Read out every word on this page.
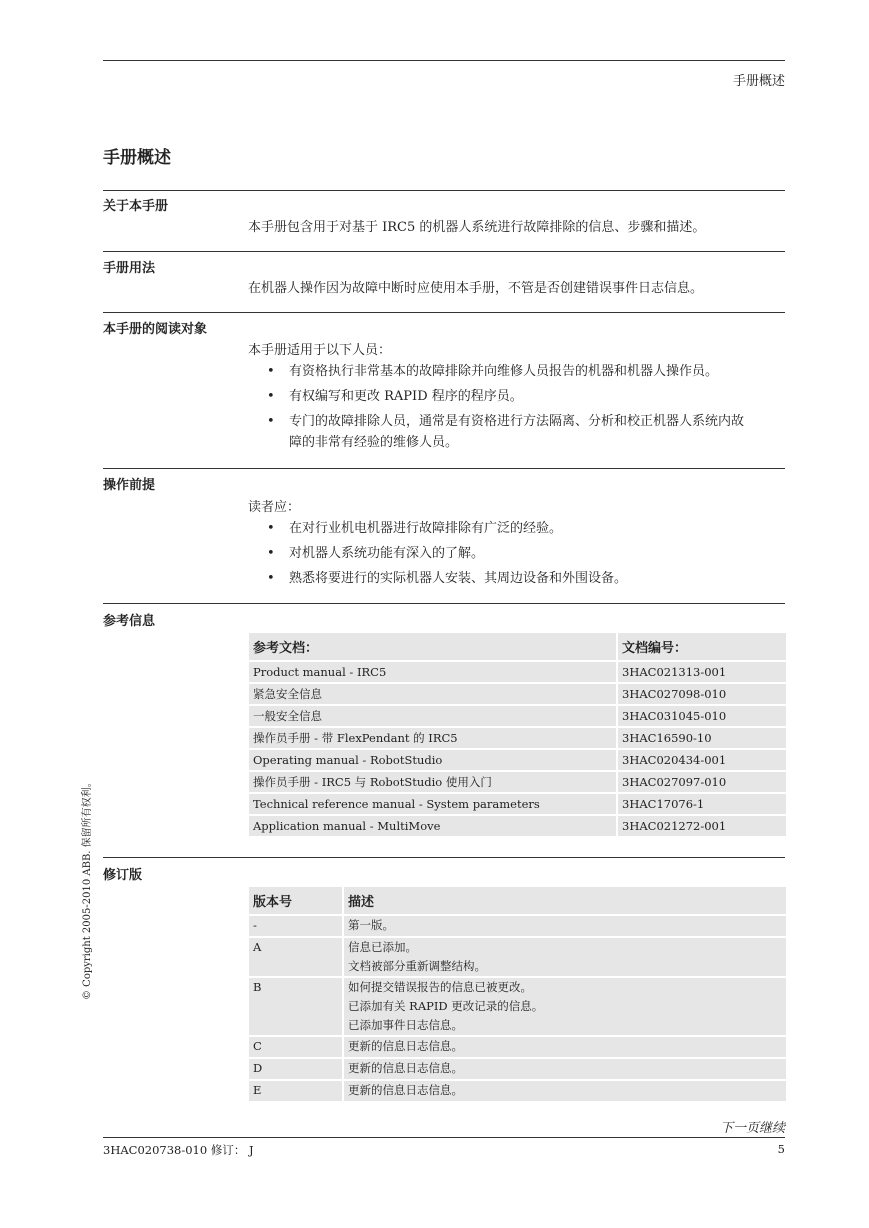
手册概述
手册概述
关于本手册
本手册包含用于对基于 IRC5 的机器人系统进行故障排除的信息、步骤和描述。
手册用法
在机器人操作因为故障中断时应使用本手册，不管是否创建错误事件日志信息。
本手册的阅读对象
本手册适用于以下人员：
• 有资格执行非常基本的故障排除并向维修人员报告的机器和机器人操作员。
• 有权编写和更改 RAPID 程序的程序员。
• 专门的故障排除人员，通常是有资格进行方法隔离、分析和校正机器人系统内故障的非常有经验的维修人员。
操作前提
读者应：
• 在对行业机电机器进行故障排除有广泛的经验。
• 对机器人系统功能有深入的了解。
• 熟悉将要进行的实际机器人安装、其周边设备和外围设备。
参考信息
参考文档：	文档编号：
Product manual - IRC5	3HAC021313-001
紧急安全信息	3HAC027098-010
一般安全信息	3HAC031045-010
操作员手册 - 带 FlexPendant 的 IRC5	3HAC16590-10
Operating manual - RobotStudio	3HAC020434-001
操作员手册 - IRC5 与 RobotStudio 使用入门	3HAC027097-010
Technical reference manual - System parameters	3HAC17076-1
Application manual - MultiMove	3HAC021272-001
修订版
版本号	描述
-	第一版。

A	信息已添加。
文档被部分重新调整结构。

B	如何提交错误报告的信息已被更改。
已添加有关 RAPID 更改记录的信息。
已添加事件日志信息。

C	更新的信息日志信息。

D	更新的信息日志信息。

E	更新的信息日志信息。
下一页继续
3HAC020738-010 修订： J	5
© Copyright 2005-2010 ABB. 保留所有权利。
